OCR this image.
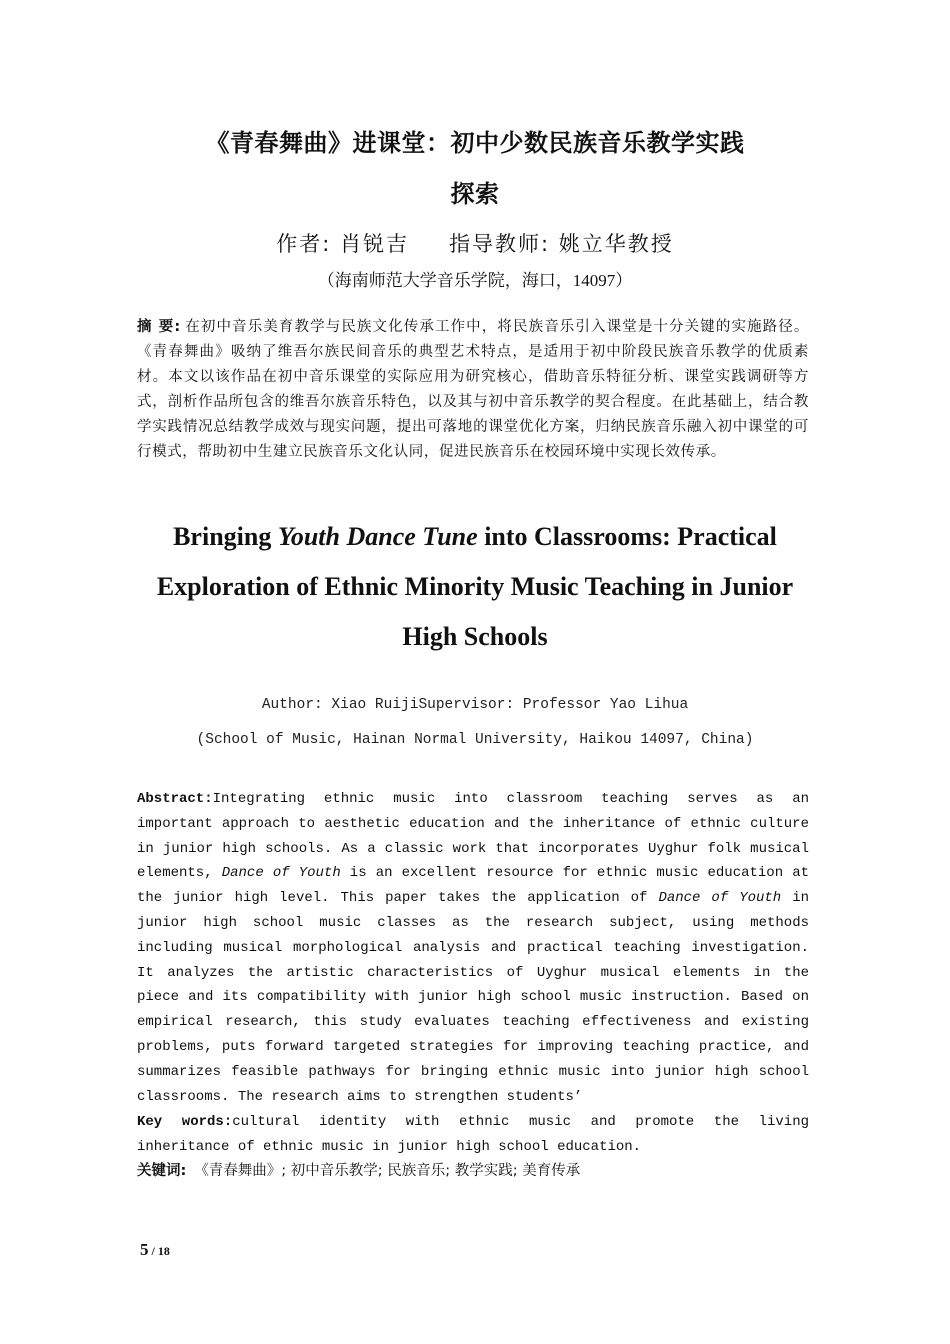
《青春舞曲》进课堂：初中少数民族音乐教学实践
探索
作者: 肖锐吉 指导教师: 姚立华教授
（海南师范大学音乐学院，海口，14097）
摘 要: 在初中音乐美育教学与民族文化传承工作中，将民族音乐引入课堂是十分关键的实施路径。《青春舞曲》吸纳了维吾尔族民间音乐的典型艺术特点，是适用于初中阶段民族音乐教学的优质素材。本文以该作品在初中音乐课堂的实际应用为研究核心，借助音乐特征分析、课堂实践调研等方式，剖析作品所包含的维吾尔族音乐特色，以及其与初中音乐教学的契合程度。在此基础上，结合教学实践情况总结教学成效与现实问题，提出可落地的课堂优化方案，归纳民族音乐融入初中课堂的可行模式，帮助初中生建立民族音乐文化认同，促进民族音乐在校园环境中实现长效传承。
Bringing Youth Dance Tune into Classrooms: Practical
Exploration of Ethnic Minority Music Teaching in Junior
High Schools
Author: Xiao RuijiSupervisor: Professor Yao Lihua
(School of Music, Hainan Normal University, Haikou 14097, China)
Abstract:Integrating ethnic music into classroom teaching serves as an important approach to aesthetic education and the inheritance of ethnic culture in junior high schools. As a classic work that incorporates Uyghur folk musical elements, Dance of Youth is an excellent resource for ethnic music education at the junior high level. This paper takes the application of Dance of Youth in junior high school music classes as the research subject, using methods including musical morphological analysis and practical teaching investigation. It analyzes the artistic characteristics of Uyghur musical elements in the piece and its compatibility with junior high school music instruction. Based on empirical research, this study evaluates teaching effectiveness and existing problems, puts forward targeted strategies for improving teaching practice, and summarizes feasible pathways for bringing ethnic music into junior high school classrooms. The research aims to strengthen students’
Key words:cultural identity with ethnic music and promote the living inheritance of ethnic music in junior high school education.
关键词: 《青春舞曲》; 初中音乐教学; 民族音乐; 教学实践; 美育传承
5 / 18
